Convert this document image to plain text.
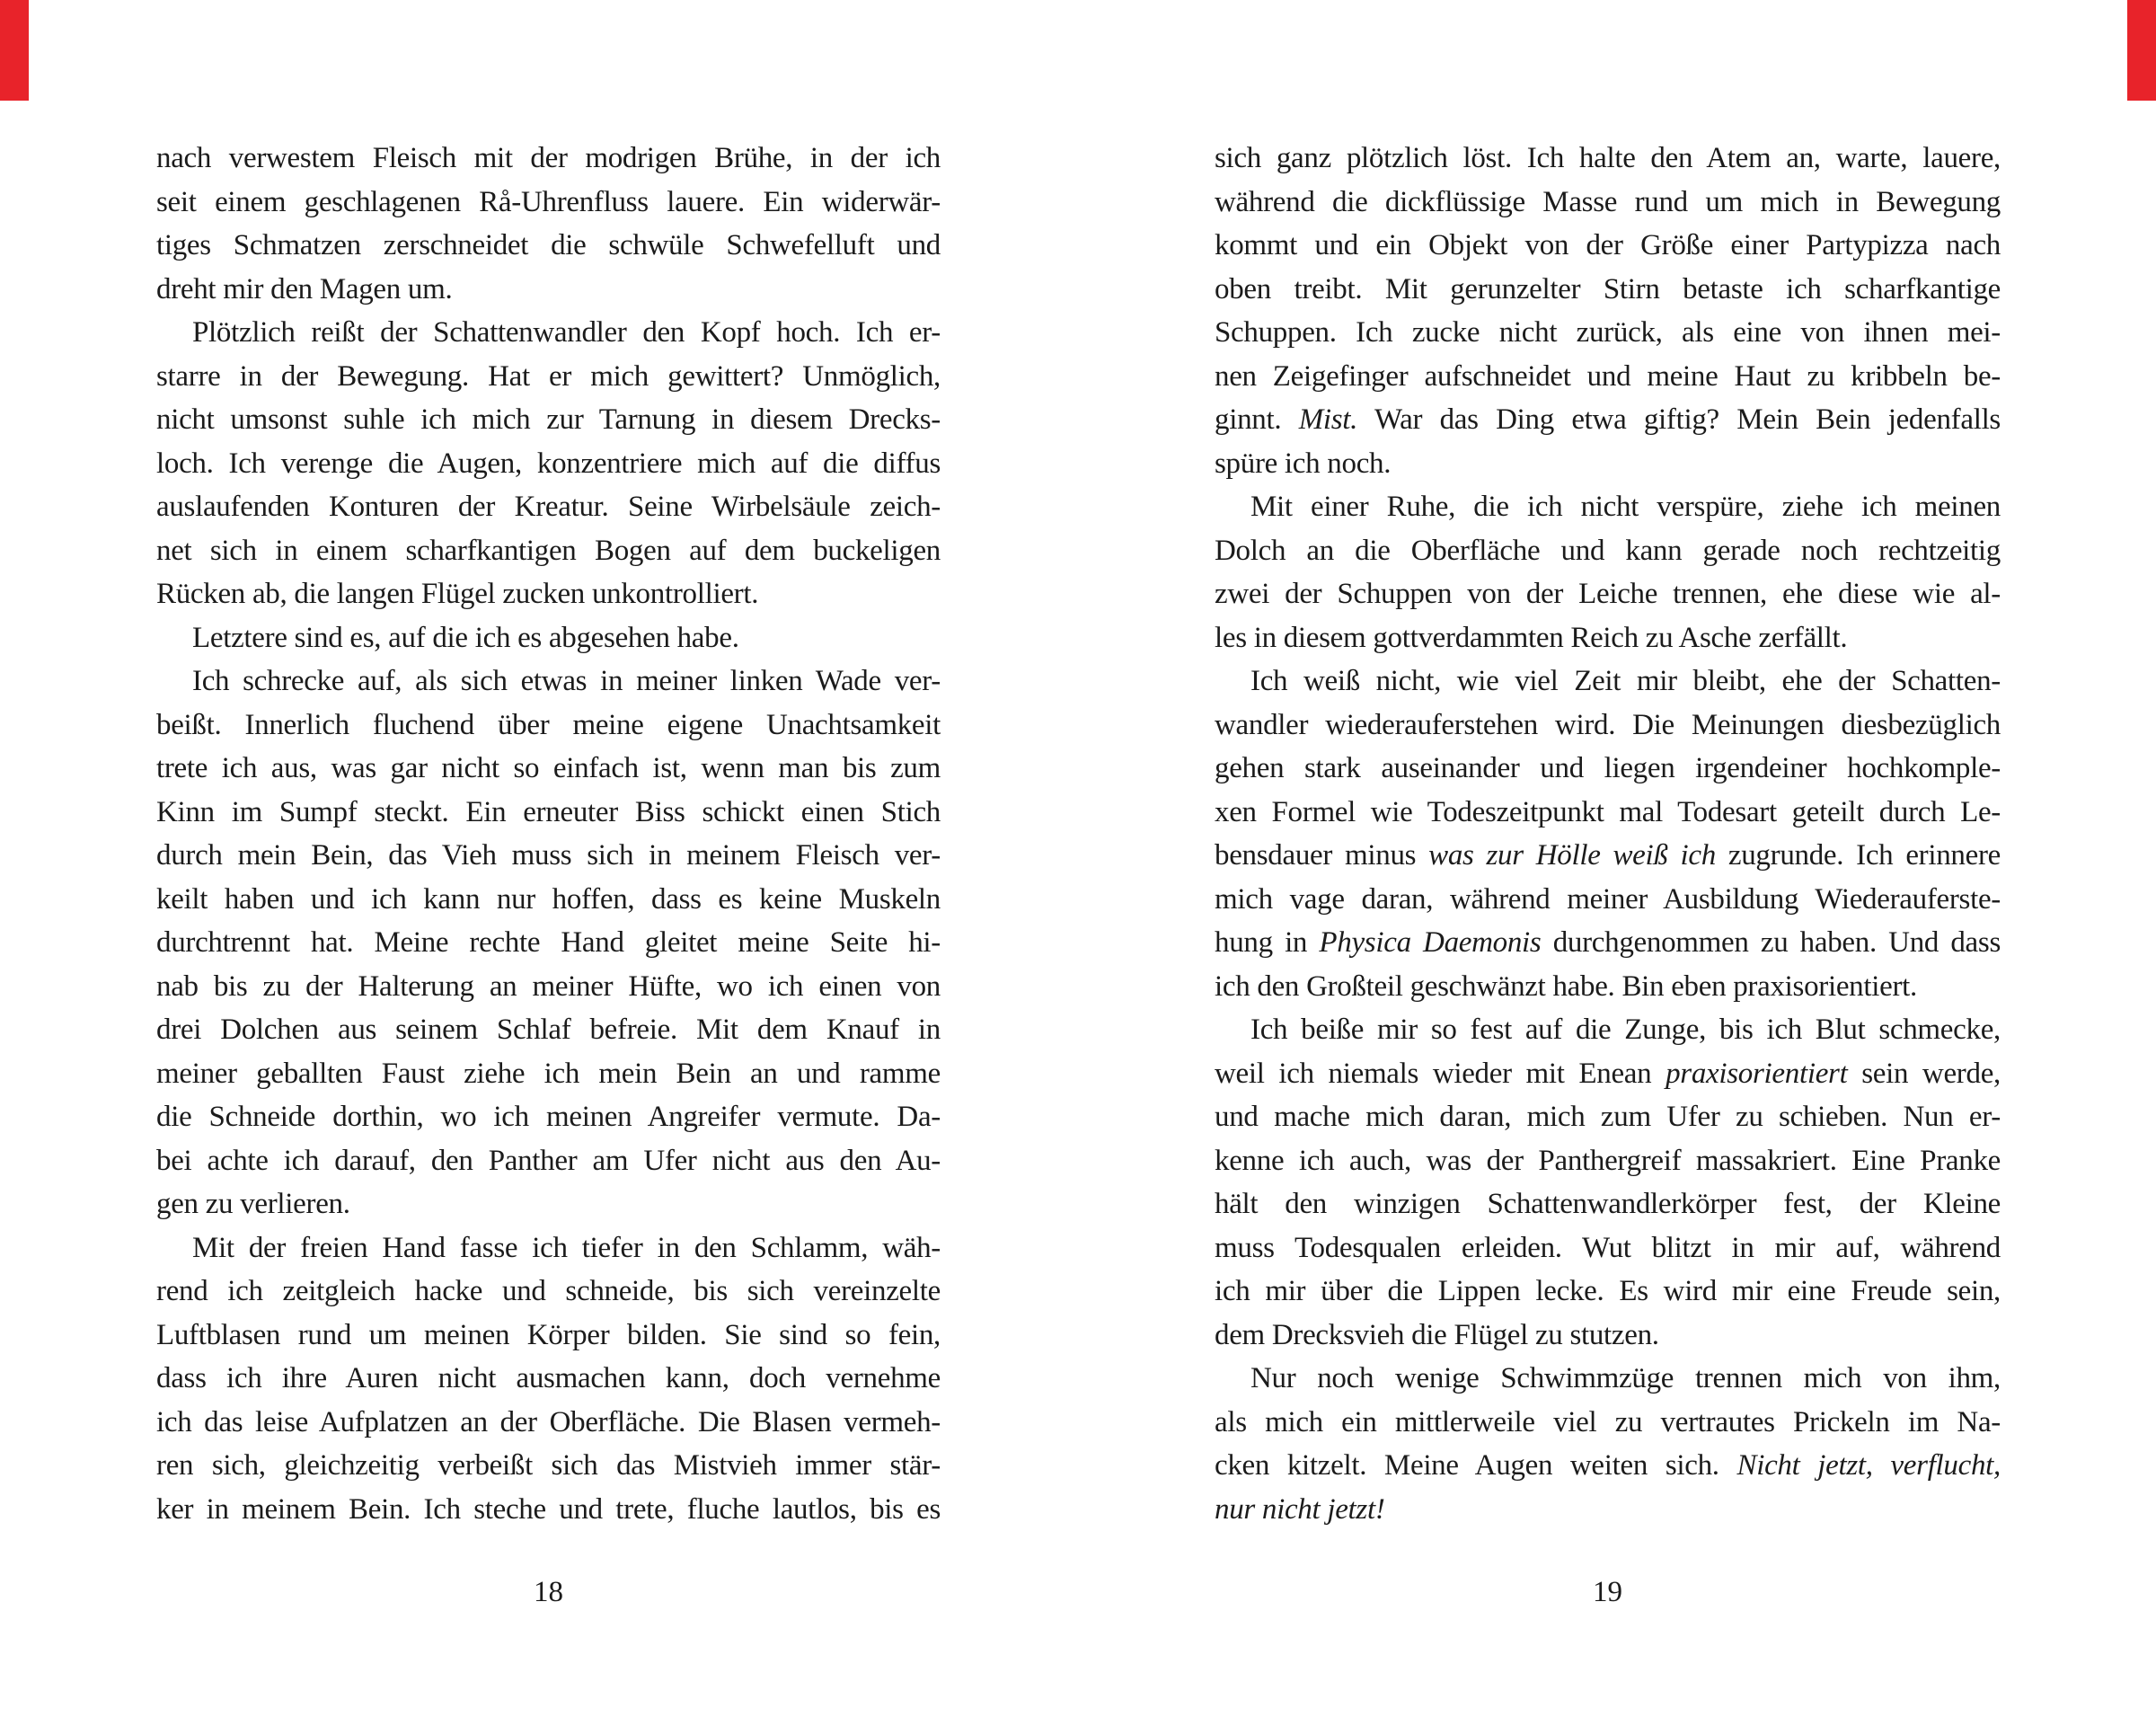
nach verwestem Fleisch mit der modrigen Brühe, in der ich
seit einem geschlagenen Rå-Uhrenfluss lauere. Ein widerwär-
tiges Schmatzen zerschneidet die schwüle Schwefelluft und
dreht mir den Magen um.
Plötzlich reißt der Schattenwandler den Kopf hoch. Ich er-
starre in der Bewegung. Hat er mich gewittert? Unmöglich,
nicht umsonst suhle ich mich zur Tarnung in diesem Drecks-
loch. Ich verenge die Augen, konzentriere mich auf die diffus
auslaufenden Konturen der Kreatur. Seine Wirbelsäule zeich-
net sich in einem scharfkantigen Bogen auf dem buckeligen
Rücken ab, die langen Flügel zucken unkontrolliert.
Letztere sind es, auf die ich es abgesehen habe.
Ich schrecke auf, als sich etwas in meiner linken Wade ver-
beißt. Innerlich fluchend über meine eigene Unachtsamkeit
trete ich aus, was gar nicht so einfach ist, wenn man bis zum
Kinn im Sumpf steckt. Ein erneuter Biss schickt einen Stich
durch mein Bein, das Vieh muss sich in meinem Fleisch ver-
keilt haben und ich kann nur hoffen, dass es keine Muskeln
durchtrennt hat. Meine rechte Hand gleitet meine Seite hi-
nab bis zu der Halterung an meiner Hüfte, wo ich einen von
drei Dolchen aus seinem Schlaf befreie. Mit dem Knauf in
meiner geballten Faust ziehe ich mein Bein an und ramme
die Schneide dorthin, wo ich meinen Angreifer vermute. Da-
bei achte ich darauf, den Panther am Ufer nicht aus den Au-
gen zu verlieren.
Mit der freien Hand fasse ich tiefer in den Schlamm, wäh-
rend ich zeitgleich hacke und schneide, bis sich vereinzelte
Luftblasen rund um meinen Körper bilden. Sie sind so fein,
dass ich ihre Auren nicht ausmachen kann, doch vernehme
ich das leise Aufplatzen an der Oberfläche. Die Blasen vermeh-
ren sich, gleichzeitig verbeißt sich das Mistvieh immer stär-
ker in meinem Bein. Ich steche und trete, fluche lautlos, bis es
sich ganz plötzlich löst. Ich halte den Atem an, warte, lauere,
während die dickflüssige Masse rund um mich in Bewegung
kommt und ein Objekt von der Größe einer Partypizza nach
oben treibt. Mit gerunzelter Stirn betaste ich scharfkantige
Schuppen. Ich zucke nicht zurück, als eine von ihnen mei-
nen Zeigefinger aufschneidet und meine Haut zu kribbeln be-
ginnt. Mist. War das Ding etwa giftig? Mein Bein jedenfalls
spüre ich noch.
Mit einer Ruhe, die ich nicht verspüre, ziehe ich meinen
Dolch an die Oberfläche und kann gerade noch rechtzeitig
zwei der Schuppen von der Leiche trennen, ehe diese wie al-
les in diesem gottverdammten Reich zu Asche zerfällt.
Ich weiß nicht, wie viel Zeit mir bleibt, ehe der Schatten-
wandler wiederauferstehen wird. Die Meinungen diesbezüglich
gehen stark auseinander und liegen irgendeiner hochkomple-
xen Formel wie Todeszeitpunkt mal Todesart geteilt durch Le-
bensdauer minus was zur Hölle weiß ich zugrunde. Ich erinnere
mich vage daran, während meiner Ausbildung Wiederauferste-
hung in Physica Daemonis durchgenommen zu haben. Und dass
ich den Großteil geschwänzt habe. Bin eben praxisorientiert.
Ich beiße mir so fest auf die Zunge, bis ich Blut schmecke,
weil ich niemals wieder mit Enean praxisorientiert sein werde,
und mache mich daran, mich zum Ufer zu schieben. Nun er-
kenne ich auch, was der Panthergreif massakriert. Eine Pranke
hält den winzigen Schattenwandlerkörper fest, der Kleine
muss Todesqualen erleiden. Wut blitzt in mir auf, während
ich mir über die Lippen lecke. Es wird mir eine Freude sein,
dem Drecksvieh die Flügel zu stutzen.
Nur noch wenige Schwimmzüge trennen mich von ihm,
als mich ein mittlerweile viel zu vertrautes Prickeln im Na-
cken kitzelt. Meine Augen weiten sich. Nicht jetzt, verflucht,
nur nicht jetzt!
18	19
